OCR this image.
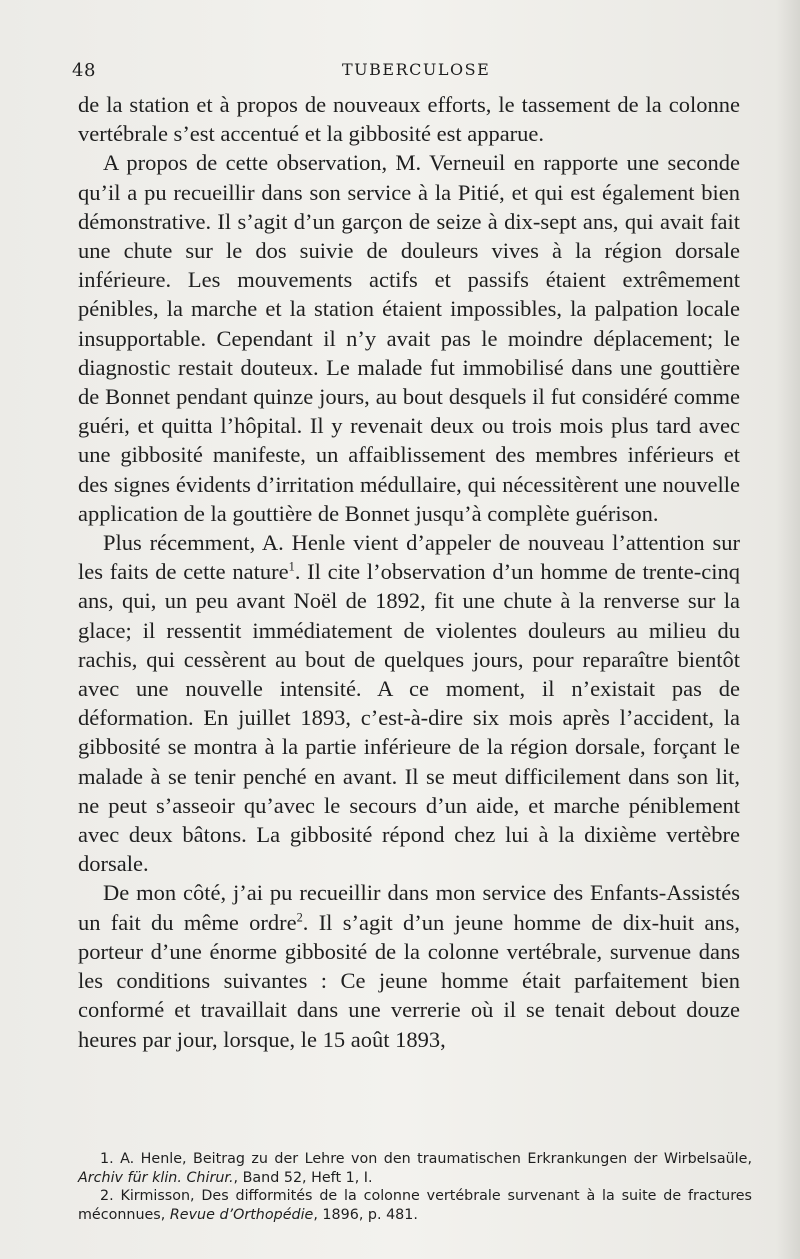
48	TUBERCULOSE

de la station et à propos de nouveaux efforts, le tassement de la colonne vertébrale s’est accentué et la gibbosité est apparue.

A propos de cette observation, M. Verneuil en rapporte une seconde qu’il a pu recueillir dans son service à la Pitié, et qui est également bien démonstrative. Il s’agit d’un garçon de seize à dix-sept ans, qui avait fait une chute sur le dos suivie de douleurs vives à la région dorsale inférieure. Les mouvements actifs et passifs étaient extrêmement pénibles, la marche et la station étaient impossibles, la palpation locale insupportable. Cependant il n’y avait pas le moindre déplacement; le diagnostic restait douteux. Le malade fut immobilisé dans une gouttière de Bonnet pendant quinze jours, au bout desquels il fut considéré comme guéri, et quitta l’hôpital. Il y revenait deux ou trois mois plus tard avec une gibbosité manifeste, un affaiblissement des membres inférieurs et des signes évidents d’irritation médullaire, qui nécessitèrent une nouvelle application de la gouttière de Bonnet jusqu’à complète guérison.

Plus récemment, A. Henle vient d’appeler de nouveau l’attention sur les faits de cette nature$^1$. Il cite l’observation d’un homme de trente-cinq ans, qui, un peu avant Noël de 1892, fit une chute à la renverse sur la glace; il ressentit immédiatement de violentes douleurs au milieu du rachis, qui cessèrent au bout de quelques jours, pour reparaître bientôt avec une nouvelle intensité. A ce moment, il n’existait pas de déformation. En juillet 1893, c’est-à-dire six mois après l’accident, la gibbosité se montra à la partie inférieure de la région dorsale, forçant le malade à se tenir penché en avant. Il se meut difficilement dans son lit, ne peut s’asseoir qu’avec le secours d’un aide, et marche péniblement avec deux bâtons. La gibbosité répond chez lui à la dixième vertèbre dorsale.

De mon côté, j’ai pu recueillir dans mon service des Enfants-Assistés un fait du même ordre$^2$. Il s’agit d’un jeune homme de dix-huit ans, porteur d’une énorme gibbosité de la colonne vertébrale, survenue dans les conditions suivantes : Ce jeune homme était parfaitement bien conformé et travaillait dans une verrerie où il se tenait debout douze heures par jour, lorsque, le 15 août 1893,

1. A. Henle, Beitrag zu der Lehre von den traumatischen Erkrankungen der Wirbelsaüle, Archiv für klin. Chirur., Band 52, Heft 1, I.

2. Kirmisson, Des difformités de la colonne vertébrale survenant à la suite de fractures méconnues, Revue d’Orthopédie, 1896, p. 481.
